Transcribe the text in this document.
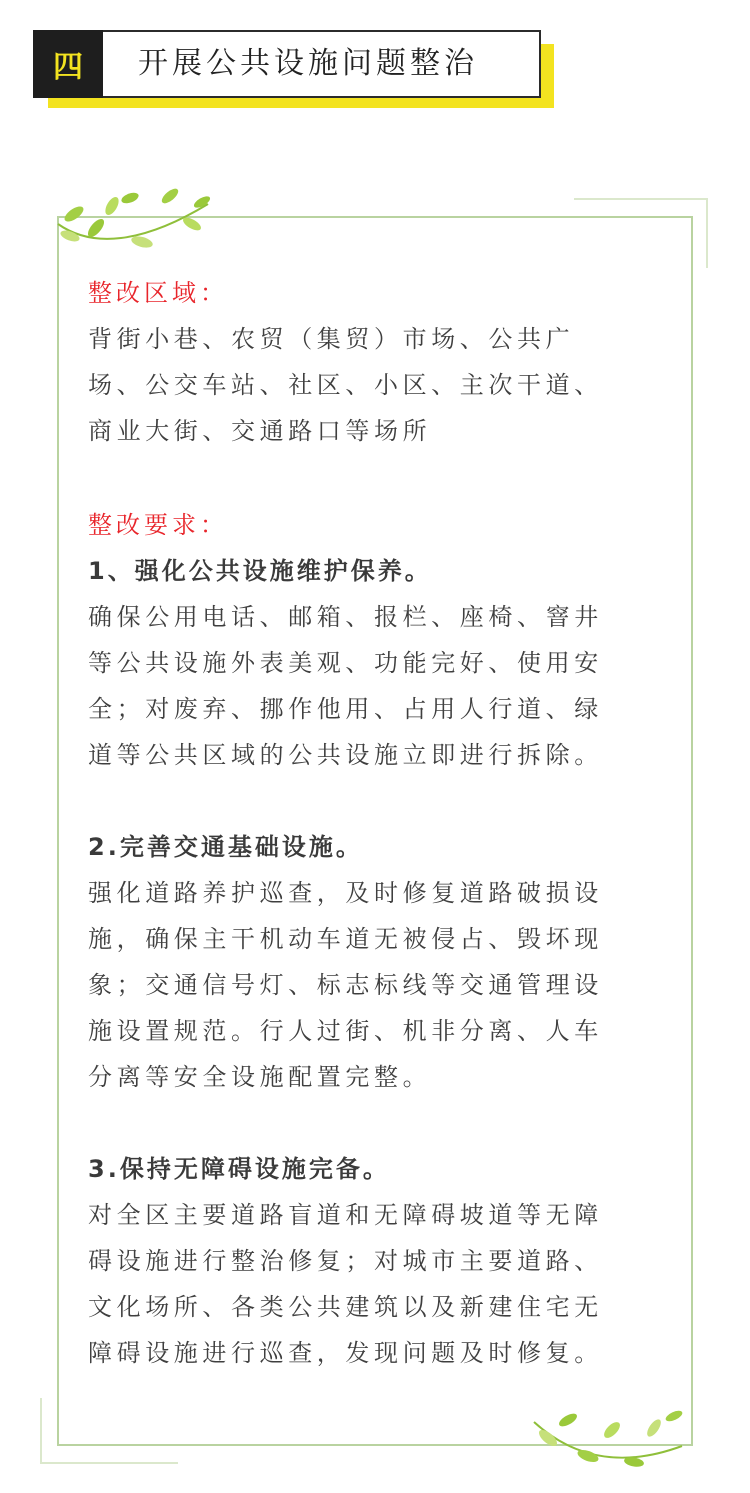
四	开展公共设施问题整治
整改区域：
背街小巷、农贸（集贸）市场、公共广
场、公交车站、社区、小区、主次干道、
商业大街、交通路口等场所
整改要求：
1、强化公共设施维护保养。
确保公用电话、邮箱、报栏、座椅、窨井
等公共设施外表美观、功能完好、使用安
全；对废弃、挪作他用、占用人行道、绿
道等公共区域的公共设施立即进行拆除。
2.完善交通基础设施。
强化道路养护巡查，及时修复道路破损设
施，确保主干机动车道无被侵占、毁坏现
象；交通信号灯、标志标线等交通管理设
施设置规范。行人过街、机非分离、人车
分离等安全设施配置完整。
3.保持无障碍设施完备。
对全区主要道路盲道和无障碍坡道等无障
碍设施进行整治修复；对城市主要道路、
文化场所、各类公共建筑以及新建住宅无
障碍设施进行巡查，发现问题及时修复。
